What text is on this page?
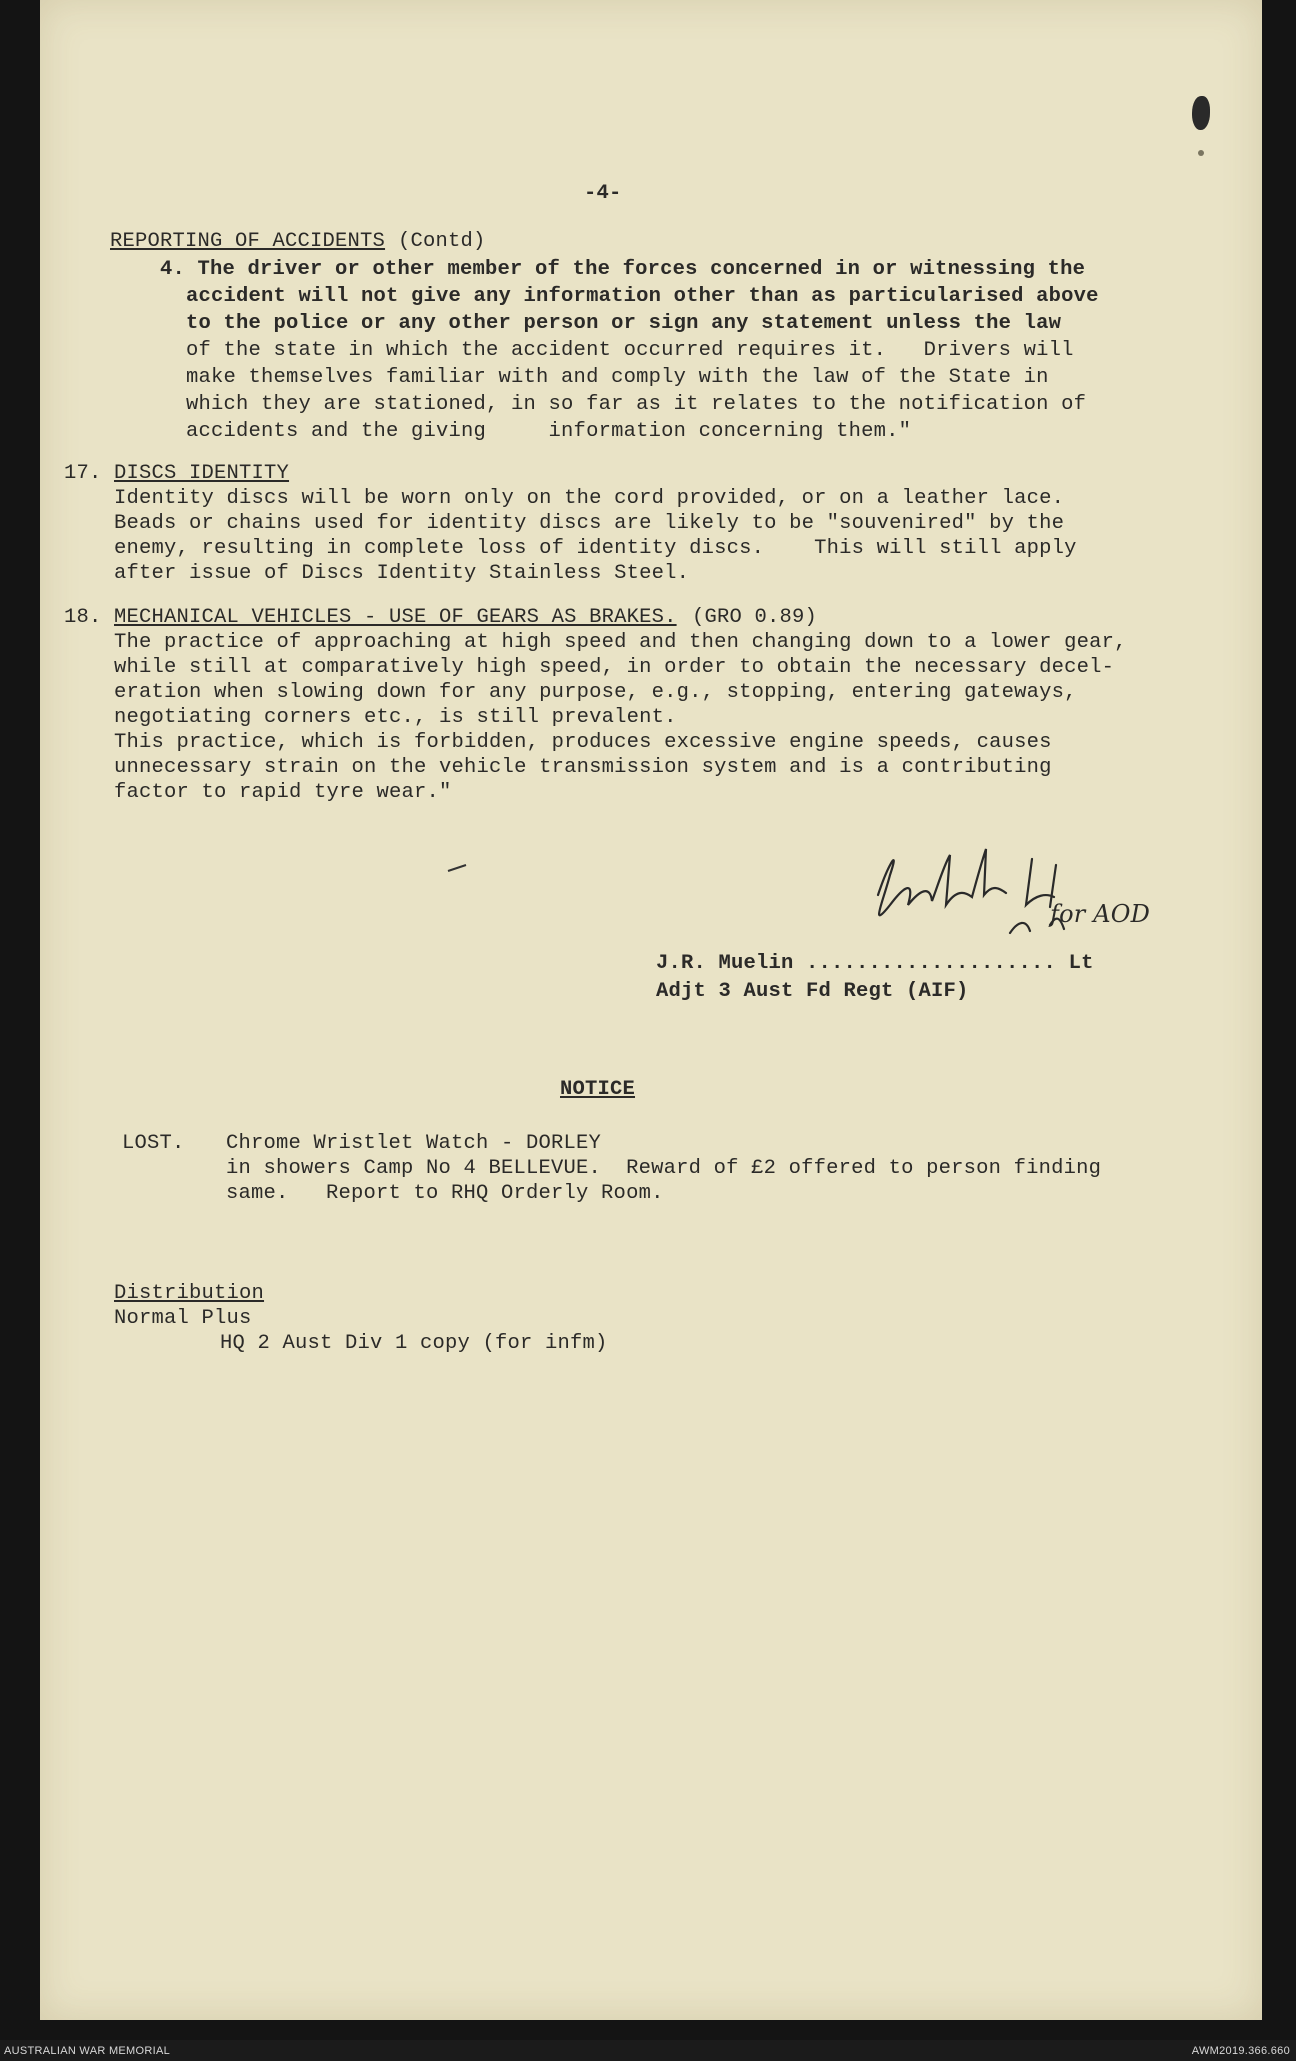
-4-
REPORTING OF ACCIDENTS (Contd)
4. The driver or other member of the forces concerned in or witnessing the
accident will not give any information other than as particularised above
to the police or any other person or sign any statement unless the law
of the state in which the accident occurred requires it.   Drivers will
make themselves familiar with and comply with the law of the State in
which they are stationed, in so far as it relates to the notification of
accidents and the giving     information concerning them."
17. DISCS IDENTITY
Identity discs will be worn only on the cord provided, or on a leather lace.
Beads or chains used for identity discs are likely to be "souvenired" by the
enemy, resulting in complete loss of identity discs.    This will still apply
after issue of Discs Identity Stainless Steel.
18. MECHANICAL VEHICLES - USE OF GEARS AS BRAKES. (GRO 0.89)
The practice of approaching at high speed and then changing down to a lower gear,
while still at comparatively high speed, in order to obtain the necessary decel-
eration when slowing down for any purpose, e.g., stopping, entering gateways,
negotiating corners etc., is still prevalent.
This practice, which is forbidden, produces excessive engine speeds, causes
unnecessary strain on the vehicle transmission system and is a contributing
factor to rapid tyre wear."
for AOD
J.R. Muelin .................... Lt
Adjt 3 Aust Fd Regt (AIF)
NOTICE
LOST. Chrome Wristlet Watch - DORLEY
in showers Camp No 4 BELLEVUE.  Reward of £2 offered to person finding
same.   Report to RHQ Orderly Room.
Distribution
Normal Plus
HQ 2 Aust Div 1 copy (for infm)
AUSTRALIAN WAR MEMORIAL	AWM2019.366.660
